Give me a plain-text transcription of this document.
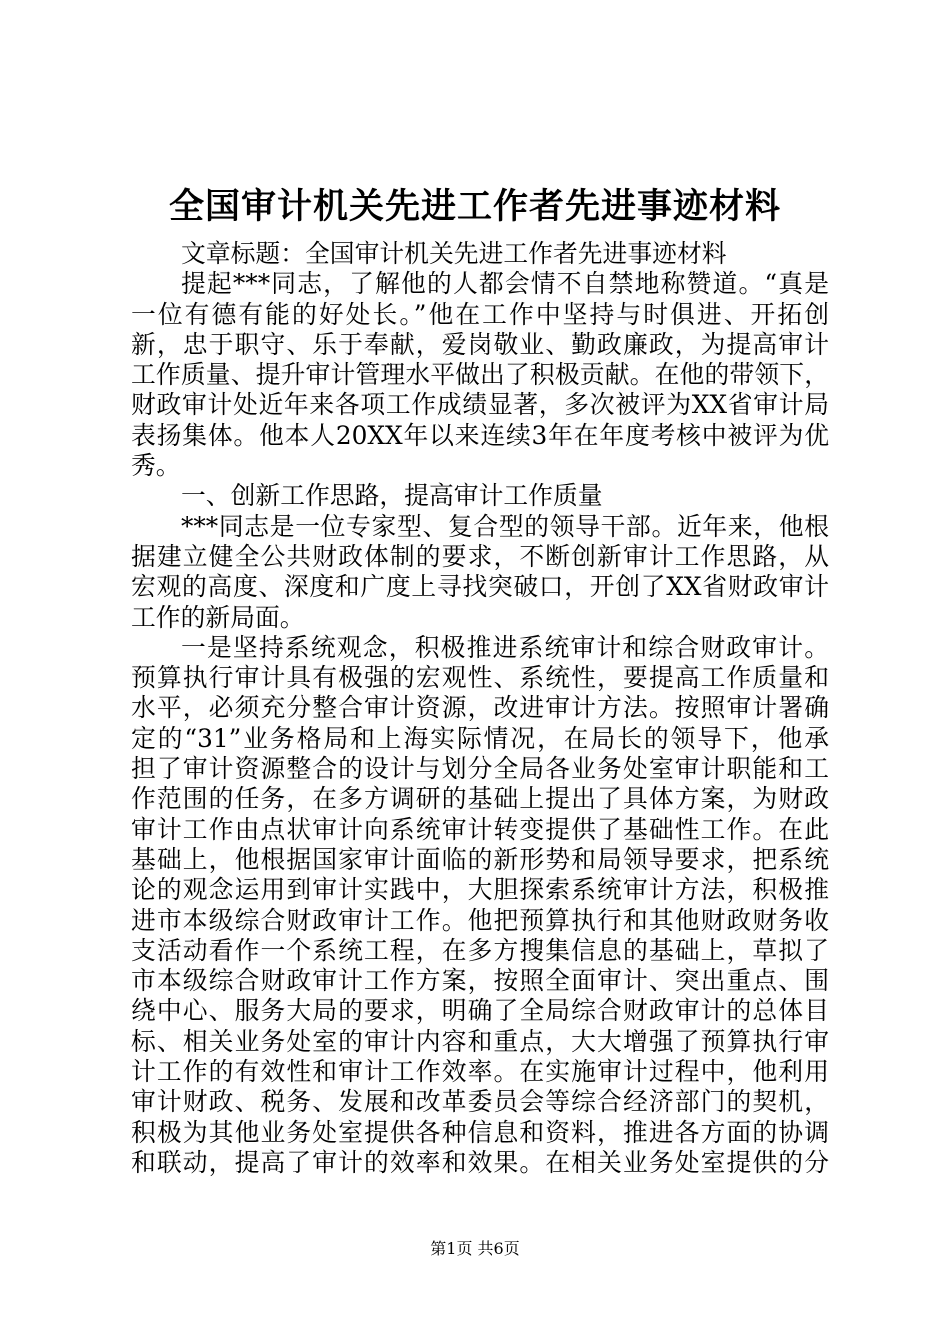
全国审计机关先进工作者先进事迹材料
文章标题：全国审计机关先进工作者先进事迹材料
提起***同志，了解他的人都会情不自禁地称赞道。“真是
一位有德有能的好处长。”他在工作中坚持与时俱进、开拓创
新，忠于职守、乐于奉献，爱岗敬业、勤政廉政，为提高审计
工作质量、提升审计管理水平做出了积极贡献。在他的带领下，
财政审计处近年来各项工作成绩显著，多次被评为XX省审计局
表扬集体。他本人20XX年以来连续3年在年度考核中被评为优
秀。
一、创新工作思路，提高审计工作质量
***同志是一位专家型、复合型的领导干部。近年来，他根
据建立健全公共财政体制的要求，不断创新审计工作思路，从
宏观的高度、深度和广度上寻找突破口，开创了XX省财政审计
工作的新局面。
一是坚持系统观念，积极推进系统审计和综合财政审计。
预算执行审计具有极强的宏观性、系统性，要提高工作质量和
水平，必须充分整合审计资源，改进审计方法。按照审计署确
定的“31”业务格局和上海实际情况，在局长的领导下，他承
担了审计资源整合的设计与划分全局各业务处室审计职能和工
作范围的任务，在多方调研的基础上提出了具体方案，为财政
审计工作由点状审计向系统审计转变提供了基础性工作。在此
基础上，他根据国家审计面临的新形势和局领导要求，把系统
论的观念运用到审计实践中，大胆探索系统审计方法，积极推
进市本级综合财政审计工作。他把预算执行和其他财政财务收
支活动看作一个系统工程，在多方搜集信息的基础上，草拟了
市本级综合财政审计工作方案，按照全面审计、突出重点、围
绕中心、服务大局的要求，明确了全局综合财政审计的总体目
标、相关业务处室的审计内容和重点，大大增强了预算执行审
计工作的有效性和审计工作效率。在实施审计过程中，他利用
审计财政、税务、发展和改革委员会等综合经济部门的契机，
积极为其他业务处室提供各种信息和资料，推进各方面的协调
和联动，提高了审计的效率和效果。在相关业务处室提供的分
第1页 共6页
